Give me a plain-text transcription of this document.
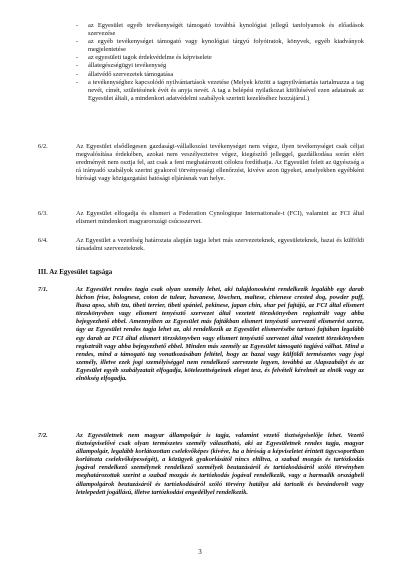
- az Egyesület egyéb tevékenységét támogató továbbá kynológiai jellegű tanfolyamok és előadások szervezése
- az egyéb tevékenységet támogató vagy kynológiai tárgyú folyóiratok, könyvek, egyéb kiadványok megjelentetése
- az egyesületi tagok érdekvédelme és képviselete
- állategészségügyi tevékenység
- állatvédő szervezetek támogatása
- a tevékenységhez kapcsolódó nyilvántartások vezetése (Melyek között a tagnyilvántartás tartalmazza a tag nevét, címét, születésének évét és anyja nevét. A tag a belépési nyilatkozat kitöltésével ezen adatainak az Egyesület általi, a mindenkori adatvédelmi szabályok szerinti kezeléséhez hozzájárul.)
6/2.	Az Egyesület elsődlegesen gazdasági-vállalkozási tevékenységet nem végez, ilyen tevékenységet csak céljai megvalósítása érdekében, azokat nem veszélyeztetve végez, kiegészítő jelleggel, gazdálkodása során elért eredményét nem osztja fel, azt csak a fent meghatározott célokra fordíthatja. Az Egyesület felett az ügyészség a rá irányadó szabályok szerint gyakorol törvényességi ellenőrzést, kivéve azon ügyeket, amelyekben egyébként bírósági vagy közigazgatási hatósági eljárásnak van helye.
6/3.	Az Egyesület elfogadja és elismeri a Federation Cynologique Internationale-t (FCI), valamint az FCI által elismert mindenkori magyarországi csúcsszervet.
6/4.	Az Egyesület a vezetőség határozata alapján tagja lehet más szervezeteknek, egyesületeknek, hazai és külföldi társadalmi szervezeteknek.
III. Az Egyesület tagsága
7/1.	Az Egyesület rendes tagja csak olyan személy lehet, aki tulajdonosként rendelkezik legalább egy darab bichon frise, bolognese, coton de tulear, havanese, löwchen, maltese, chienese crested dog, powder puff, lhasa apso, shih tzu, tibeti terrier, tibeti spániel, pekinese, japan chin, shar pei fajtájú, az FCI által elismert törzskönyvben vagy elismert tenyésztő szervezet által vezetett törzskönyvben regisztrált vagy abba bejegyezhető ebbel. Amennyiben az Egyesület más fajtákban elismert tenyésztő szervezeti elismerést szerez, úgy az Egyesület rendes tagja lehet az, aki rendelkezik az Egyesület elismerésébe tartozó fajtában legalább egy darab az FCI által elismert törzskönyvben vagy elismert tenyésztő szervezet által vezetett törzskönyvben regisztrált vagy abba bejegyezhető ebbel. Minden más személy az Egyesület támogató tagjává válhat. Mind a rendes, mind a támogató tag vonatkozásában feltétel, hogy az hazai vagy külföldi természetes vagy jogi személy, illetve ezek jogi személyiséggel nem rendelkező szervezete legyen, továbbá az Alapszabályt és az Egyesület egyéb szabályzatait elfogadja, kötelezettségeinek eleget tesz, és felvételi kérelmét az elnök vagy az elnökség elfogadja.
7/2.	Az Egyesületnek nem magyar állampolgár is tagja, valamint vezető tisztségviselője lehet. Vezető tisztségviselővé csak olyan természetes személy választható, aki az Egyesületnek rendes tagja, magyar állampolgár, legalább korlátozottan cselekvőképes (kivéve, ha a bíróság a képviseletet érintett ügycsoportban korlátozta cselekvőképességét), a közügyek gyakorlásától nincs eltiltva, a szabad mozgás és tartózkodás jogával rendelkező személynek rendelkező személyek beutazásáról és tartózkodásáról szóló törvényben meghatározottak szerint a szabad mozgás és tartózkodás jogával rendelkezik, vagy a harmadik országbeli állampolgárok beutazásáról és tartózkodásáról szóló törvény hatálya alá tartozik és bevándorolt vagy letelepedett jogállású, illetve tartózkodási engedéllyel rendelkezik.
3
